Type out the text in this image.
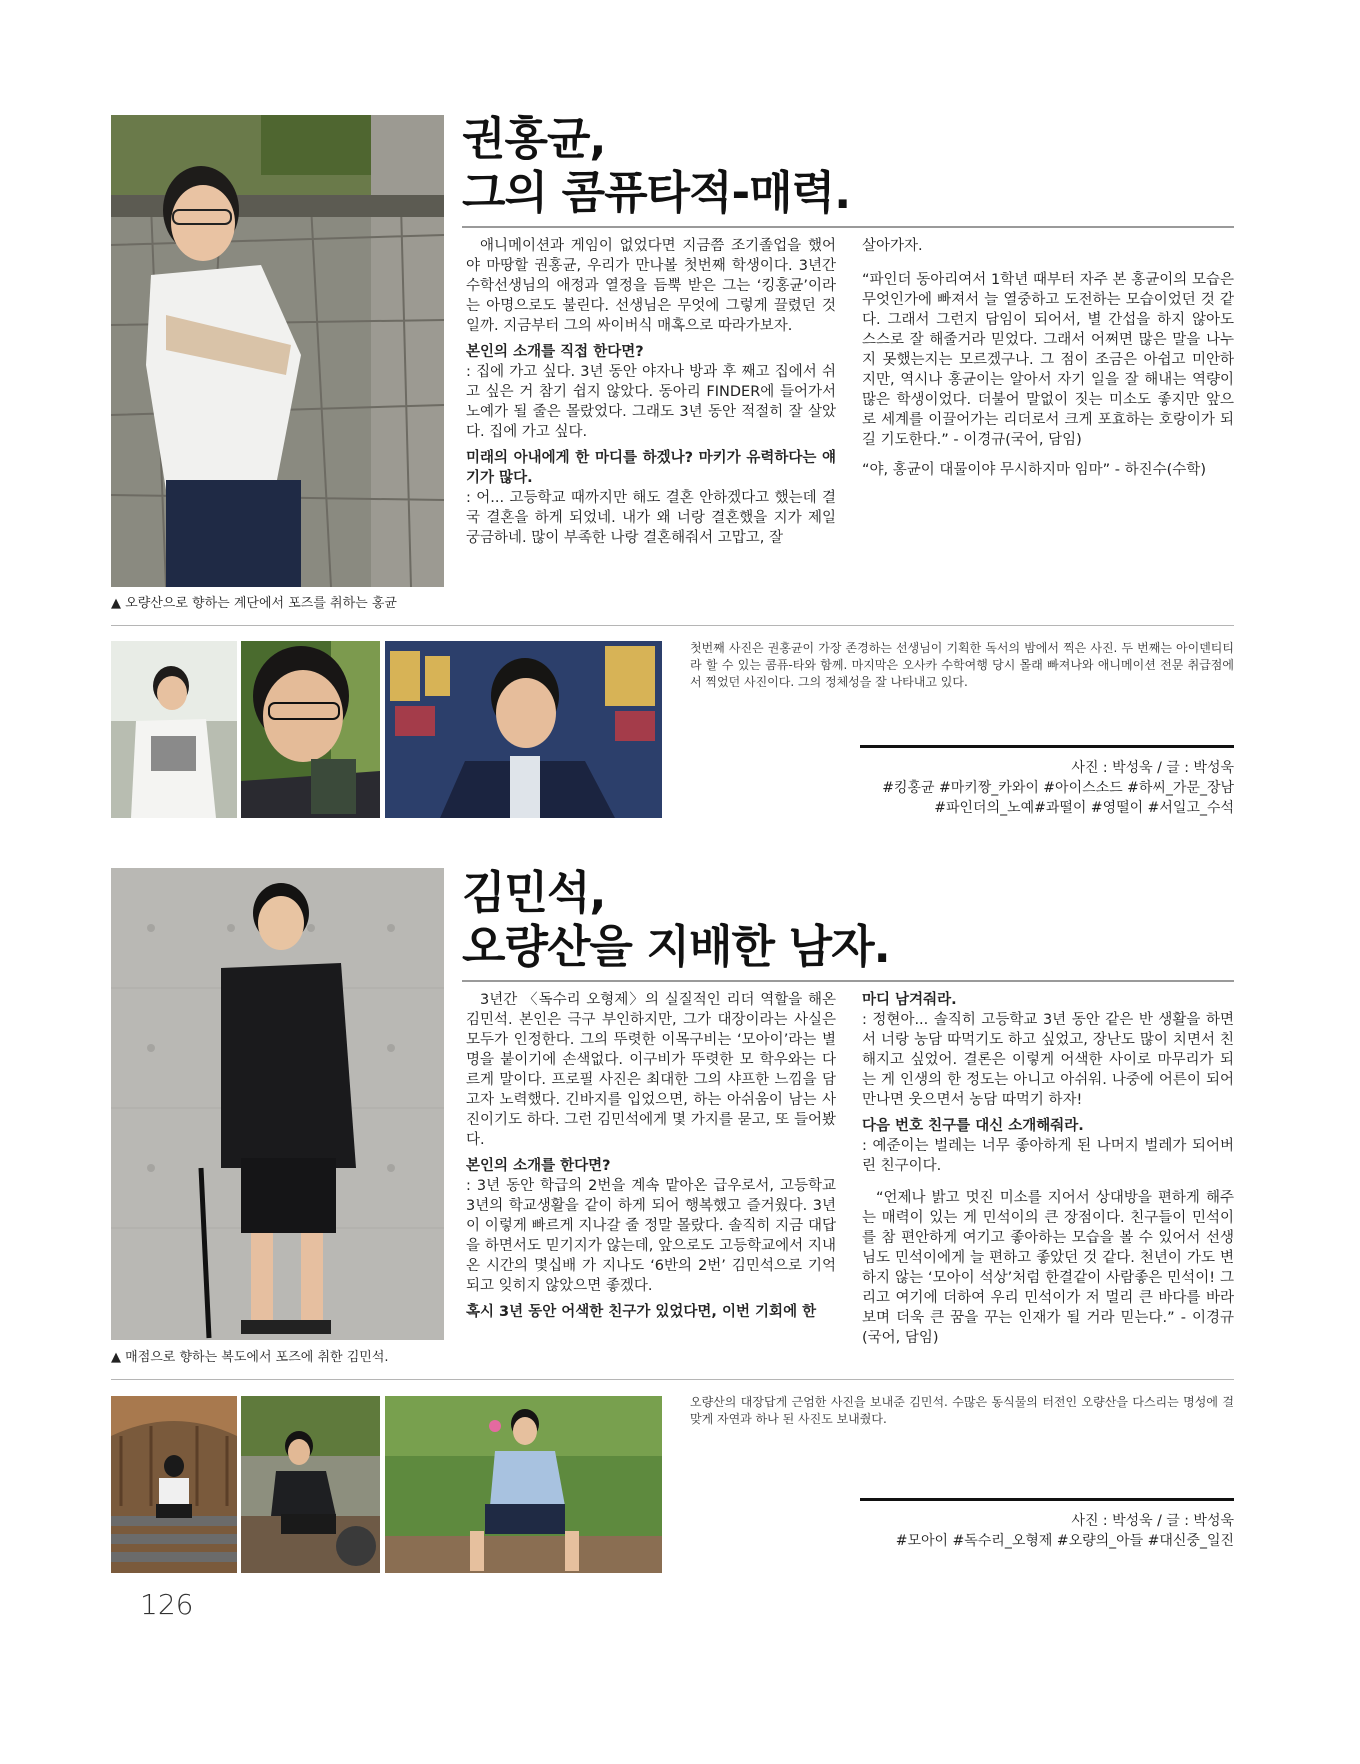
▲ 오량산으로 향하는 계단에서 포즈를 취하는 홍균
권홍균,
그의 콤퓨타적-매력.

애니메이션과 게임이 없었다면 지금쯤 조기졸업을 했어야 마땅할 권홍균, 우리가 만나볼 첫번째 학생이다. 3년간 수학선생님의 애정과 열정을 듬뿍 받은 그는 ‘킹홍균’이라 는 아명으로도 불린다. 선생님은 무엇에 그렇게 끌렸던 것일까. 지금부터 그의 싸이버식 매혹으로 따라가보자.

본인의 소개를 직접 한다면?

: 집에 가고 싶다. 3년 동안 야자나 방과 후 째고 집에서 쉬고 싶은 거 참기 쉽지 않았다. 동아리 FINDER에 들어가서 노예가 될 줄은 몰랐었다. 그래도 3년 동안 적절히 잘 살았다. 집에 가고 싶다.

미래의 아내에게 한 마디를 하겠나? 마키가 유력하다는 얘기가 많다.

: 어... 고등학교 때까지만 해도 결혼 안하겠다고 했는데 결국 결혼을 하게 되었네. 내가 왜 너랑 결혼했을 지가 제일 궁금하네. 많이 부족한 나랑 결혼해줘서 고맙고, 잘

살아가자.

“파인더 동아리여서 1학년 때부터 자주 본 홍균이의 모습은 무엇인가에 빠져서 늘 열중하고 도전하는 모습이었던 것 같다. 그래서 그런지 담임이 되어서, 별 간섭을 하지 않아도 스스로 잘 해줄거라 믿었다. 그래서 어쩌면 많은 말을 나누지 못했는지는 모르겠구나. 그 점이 조금은 아쉽고 미안하지만, 역시나 홍균이는 알아서 자기 일을 잘 해내는 역량이 많은 학생이었다. 더불어 말없이 짓는 미소도 좋지만 앞으로 세계를 이끌어가는 리더로서 크게 포효하는 호랑이가 되길 기도한다.” - 이경규(국어, 담임)

“야, 홍균이 대물이야 무시하지마 임마” - 하진수(수학)

첫번째 사진은 권홍균이 가장 존경하는 선생님이 기획한 독서의 밤에서 찍은 사진. 두 번째는 아이덴티티라 할 수 있는 콤퓨-타와 함께. 마지막은 오사카 수학여행 당시 몰래 빠져나와 애니메이션 전문 취급점에서 찍었던 사진이다. 그의 정체성을 잘 나타내고 있다.
사진 : 박성욱 / 글 : 박성욱
#킹홍균 #마키짱_카와이 #아이스소드 #하씨_가문_장남
#파인더의_노예#과떨이 #영떨이 #서일고_수석
▲ 매점으로 향하는 복도에서 포즈에 취한 김민석.
김민석,
오량산을 지배한 남자.

3년간 〈독수리 오형제〉의 실질적인 리더 역할을 해온 김민석. 본인은 극구 부인하지만, 그가 대장이라는 사실은 모두가 인정한다. 그의 뚜렷한 이목구비는 ‘모아이’라는 별명을 붙이기에 손색없다. 이구비가 뚜렷한 모 학우와는 다르게 말이다. 프로필 사진은 최대한 그의 샤프한 느낌을 담고자 노력했다. 긴바지를 입었으면, 하는 아쉬움이 남는 사진이기도 하다. 그런 김민석에게 몇 가지를 묻고, 또 들어봤다.

본인의 소개를 한다면?

: 3년 동안 학급의 2번을 계속 맡아온 급우로서, 고등학교 3년의 학교생활을 같이 하게 되어 행복했고 즐거웠다. 3년이 이렇게 빠르게 지나갈 줄 정말 몰랐다. 솔직히 지금 대답을 하면서도 믿기지가 않는데, 앞으로도 고등학교에서 지내온 시간의 몇십배 가 지나도 ‘6반의 2번’ 김민석으로 기억되고 잊히지 않았으면 좋겠다.

혹시 3년 동안 어색한 친구가 있었다면, 이번 기회에 한

마디 남겨줘라.

: 정현아... 솔직히 고등학교 3년 동안 같은 반 생활을 하면서 너랑 농담 따먹기도 하고 싶었고, 장난도 많이 치면서 친해지고 싶었어. 결론은 이렇게 어색한 사이로 마무리가 되는 게 인생의 한 정도는 아니고 아쉬워. 나중에 어른이 되어 만나면 웃으면서 농담 따먹기 하자!

다음 번호 친구를 대신 소개해줘라.

: 예준이는 벌레는 너무 좋아하게 된 나머지 벌레가 되어버린 친구이다.

“언제나 밝고 멋진 미소를 지어서 상대방을 편하게 해주는 매력이 있는 게 민석이의 큰 장점이다. 친구들이 민석이를 참 편안하게 여기고 좋아하는 모습을 볼 수 있어서 선생님도 민석이에게 늘 편하고 좋았던 것 같다. 천년이 가도 변하지 않는 ‘모아이 석상’처럼 한결같이 사람좋은 민석이! 그리고 여기에 더하여 우리 민석이가 저 멀리 큰 바다를 바라보며 더욱 큰 꿈을 꾸는 인재가 될 거라 믿는다.” - 이경규(국어, 담임)

오량산의 대장답게 근엄한 사진을 보내준 김민석. 수많은 동식물의 터전인 오량산을 다스리는 명성에 걸맞게 자연과 하나 된 사진도 보내줬다.
사진 : 박성욱 / 글 : 박성욱
#모아이 #독수리_오형제 #오량의_아들 #대신중_일진
126
